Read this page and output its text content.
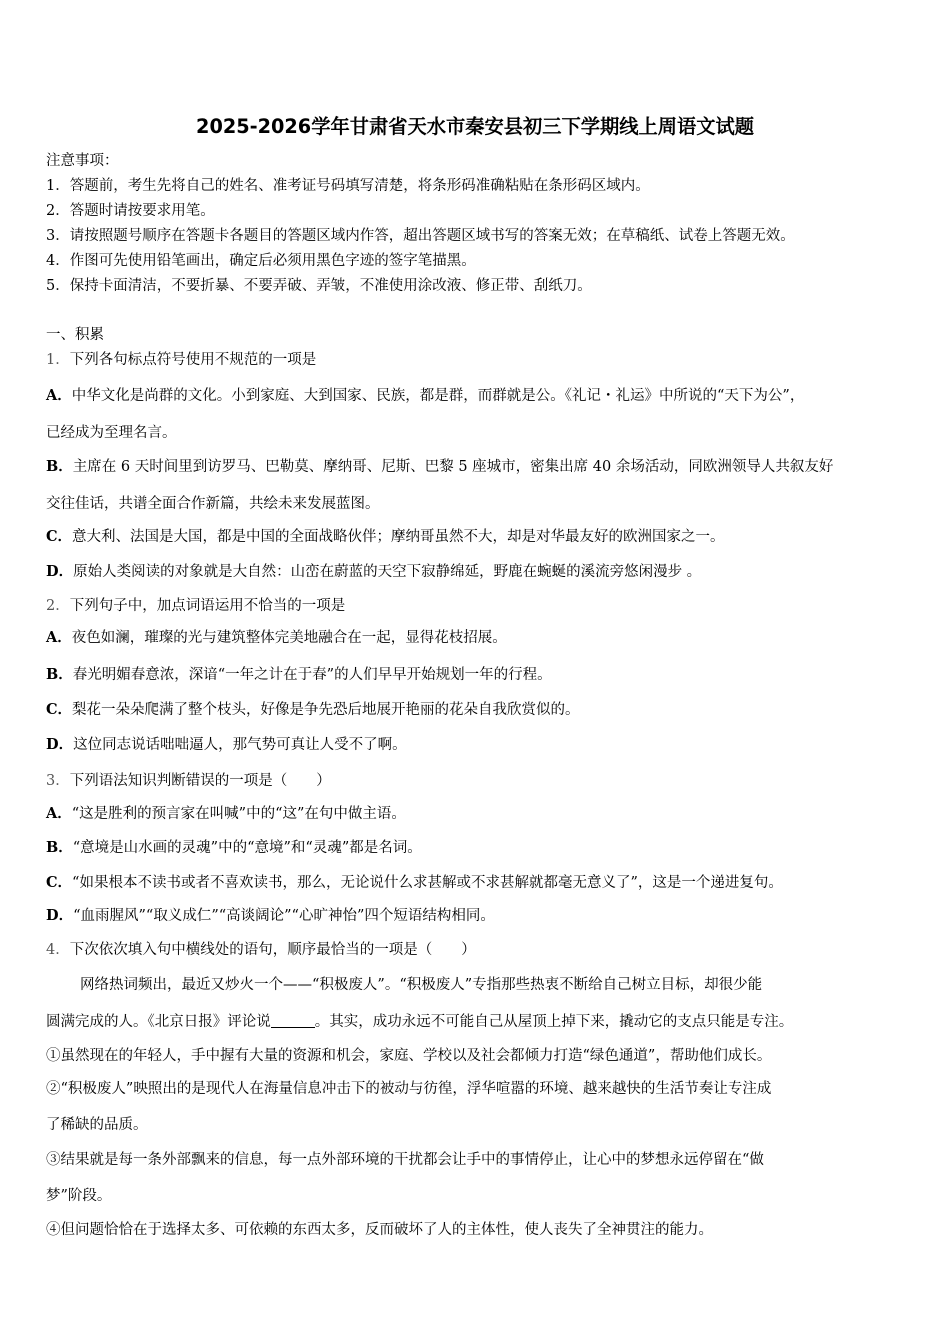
2025-2026学年甘肃省天水市秦安县初三下学期线上周语文试题
注意事项：
1．答题前，考生先将自己的姓名、准考证号码填写清楚，将条形码准确粘贴在条形码区域内。
2．答题时请按要求用笔。
3．请按照题号顺序在答题卡各题目的答题区域内作答，超出答题区域书写的答案无效；在草稿纸、试卷上答题无效。
4．作图可先使用铅笔画出，确定后必须用黑色字迹的签字笔描黑。
5．保持卡面清洁，不要折暴、不要弄破、弄皱，不准使用涂改液、修正带、刮纸刀。
一、积累
1．下列各句标点符号使用不规范的一项是
A．中华文化是尚群的文化。小到家庭、大到国家、民族，都是群，而群就是公。《礼记・礼运》中所说的“天下为公”，
已经成为至理名言。
B．主席在 6 天时间里到访罗马、巴勒莫、摩纳哥、尼斯、巴黎 5 座城市，密集出席 40 余场活动，同欧洲领导人共叙友好
交往佳话，共谱全面合作新篇，共绘未来发展蓝图。
C．意大利、法国是大国，都是中国的全面战略伙伴；摩纳哥虽然不大，却是对华最友好的欧洲国家之一。
D．原始人类阅读的对象就是大自然：山峦在蔚蓝的天空下寂静绵延，野鹿在蜿蜒的溪流旁悠闲漫步 。
2．下列句子中，加点词语运用不恰当的一项是
A．夜色如澜，璀璨的光与建筑整体完美地融合在一起，显得花枝招展。
B．春光明媚春意浓，深谙“一年之计在于春”的人们早早开始规划一年的行程。
C．梨花一朵朵爬满了整个枝头，好像是争先恐后地展开艳丽的花朵自我欣赏似的。
D．这位同志说话咄咄逼人，那气势可真让人受不了啊。
3．下列语法知识判断错误的一项是（　　）
A．“这是胜利的预言家在叫喊”中的“这”在句中做主语。
B．“意境是山水画的灵魂”中的“意境”和“灵魂”都是名词。
C．“如果根本不读书或者不喜欢读书，那么，无论说什么求甚解或不求甚解就都毫无意义了”，这是一个递进复句。
D．“血雨腥风”“取义成仁”“高谈阔论”“心旷神怡”四个短语结构相同。
4．下次依次填入句中横线处的语句，顺序最恰当的一项是（　　）
网络热词频出，最近又炒火一个——“积极废人”。“积极废人”专指那些热衷不断给自己树立目标，却很少能
圆满完成的人。《北京日报》评论说	。其实，成功永远不可能自己从屋顶上掉下来，撬动它的支点只能是专注。
①虽然现在的年轻人，手中握有大量的资源和机会，家庭、学校以及社会都倾力打造“绿色通道”，帮助他们成长。
②“积极废人”映照出的是现代人在海量信息冲击下的被动与彷徨，浮华喧嚣的环境、越来越快的生活节奏让专注成
了稀缺的品质。
③结果就是每一条外部飘来的信息，每一点外部环境的干扰都会让手中的事情停止，让心中的梦想永远停留在“做
梦”阶段。
④但问题恰恰在于选择太多、可依赖的东西太多，反而破坏了人的主体性，使人丧失了全神贯注的能力。
